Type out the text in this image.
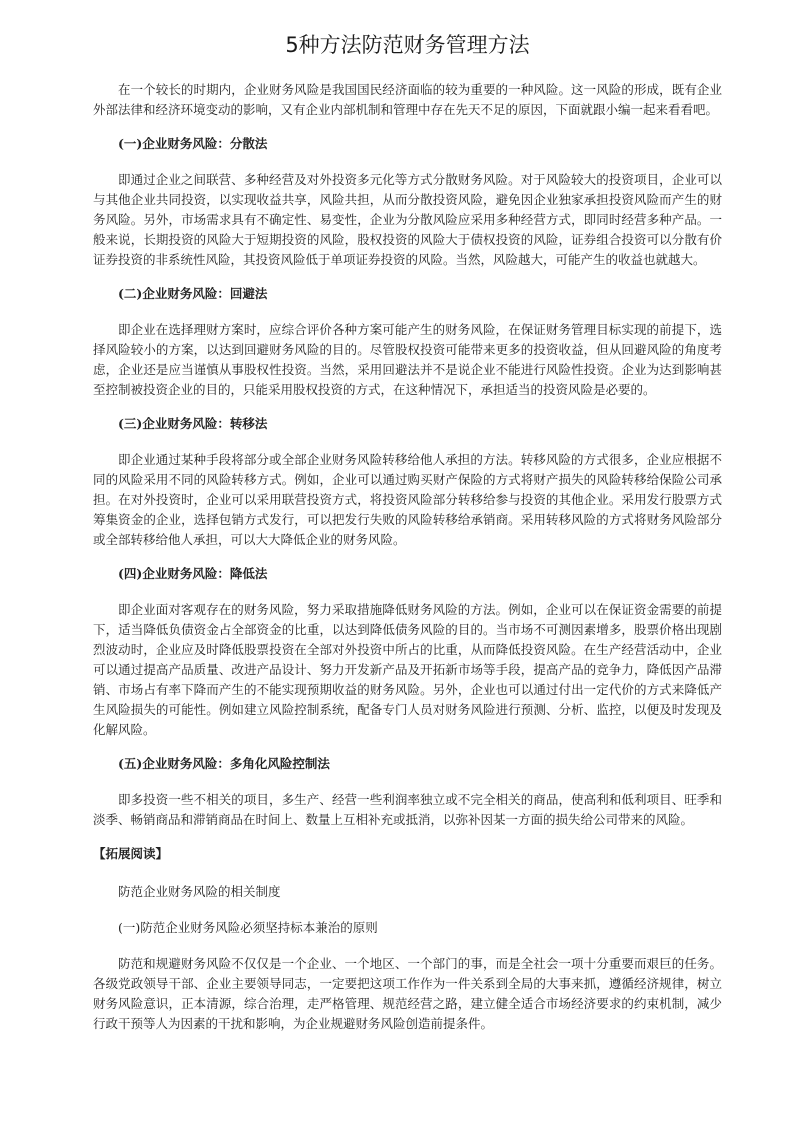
5种方法防范财务管理方法

在一个较长的时期内，企业财务风险是我国国民经济面临的较为重要的一种风险。这一风险的形成，既有企业外部法律和经济环境变动的影响，又有企业内部机制和管理中存在先天不足的原因，下面就跟小编一起来看看吧。

(一)企业财务风险：分散法

即通过企业之间联营、多种经营及对外投资多元化等方式分散财务风险。对于风险较大的投资项目，企业可以与其他企业共同投资，以实现收益共享，风险共担，从而分散投资风险，避免因企业独家承担投资风险而产生的财务风险。另外，市场需求具有不确定性、易变性，企业为分散风险应采用多种经营方式，即同时经营多种产品。一般来说，长期投资的风险大于短期投资的风险，股权投资的风险大于债权投资的风险，证券组合投资可以分散有价证券投资的非系统性风险，其投资风险低于单项证券投资的风险。当然，风险越大，可能产生的收益也就越大。

(二)企业财务风险：回避法

即企业在选择理财方案时，应综合评价各种方案可能产生的财务风险，在保证财务管理目标实现的前提下，选择风险较小的方案，以达到回避财务风险的目的。尽管股权投资可能带来更多的投资收益，但从回避风险的角度考虑，企业还是应当谨慎从事股权性投资。当然，采用回避法并不是说企业不能进行风险性投资。企业为达到影响甚至控制被投资企业的目的，只能采用股权投资的方式，在这种情况下，承担适当的投资风险是必要的。

(三)企业财务风险：转移法

即企业通过某种手段将部分或全部企业财务风险转移给他人承担的方法。转移风险的方式很多，企业应根据不同的风险采用不同的风险转移方式。例如，企业可以通过购买财产保险的方式将财产损失的风险转移给保险公司承担。在对外投资时，企业可以采用联营投资方式，将投资风险部分转移给参与投资的其他企业。采用发行股票方式筹集资金的企业，选择包销方式发行，可以把发行失败的风险转移给承销商。采用转移风险的方式将财务风险部分或全部转移给他人承担，可以大大降低企业的财务风险。

(四)企业财务风险：降低法

即企业面对客观存在的财务风险，努力采取措施降低财务风险的方法。例如，企业可以在保证资金需要的前提下，适当降低负债资金占全部资金的比重，以达到降低债务风险的目的。当市场不可测因素增多，股票价格出现剧烈波动时，企业应及时降低股票投资在全部对外投资中所占的比重，从而降低投资风险。在生产经营活动中，企业可以通过提高产品质量、改进产品设计、努力开发新产品及开拓新市场等手段，提高产品的竞争力，降低因产品滞销、市场占有率下降而产生的不能实现预期收益的财务风险。另外，企业也可以通过付出一定代价的方式来降低产生风险损失的可能性。例如建立风险控制系统，配备专门人员对财务风险进行预测、分析、监控，以便及时发现及化解风险。

(五)企业财务风险：多角化风险控制法

即多投资一些不相关的项目，多生产、经营一些利润率独立或不完全相关的商品，使高利和低利项目、旺季和淡季、畅销商品和滞销商品在时间上、数量上互相补充或抵消，以弥补因某一方面的损失给公司带来的风险。

【拓展阅读】

防范企业财务风险的相关制度

(一)防范企业财务风险必须坚持标本兼治的原则

防范和规避财务风险不仅仅是一个企业、一个地区、一个部门的事，而是全社会一项十分重要而艰巨的任务。各级党政领导干部、企业主要领导同志，一定要把这项工作作为一件关系到全局的大事来抓，遵循经济规律，树立财务风险意识，正本清源，综合治理，走严格管理、规范经营之路，建立健全适合市场经济要求的约束机制，减少行政干预等人为因素的干扰和影响，为企业规避财务风险创造前提条件。
